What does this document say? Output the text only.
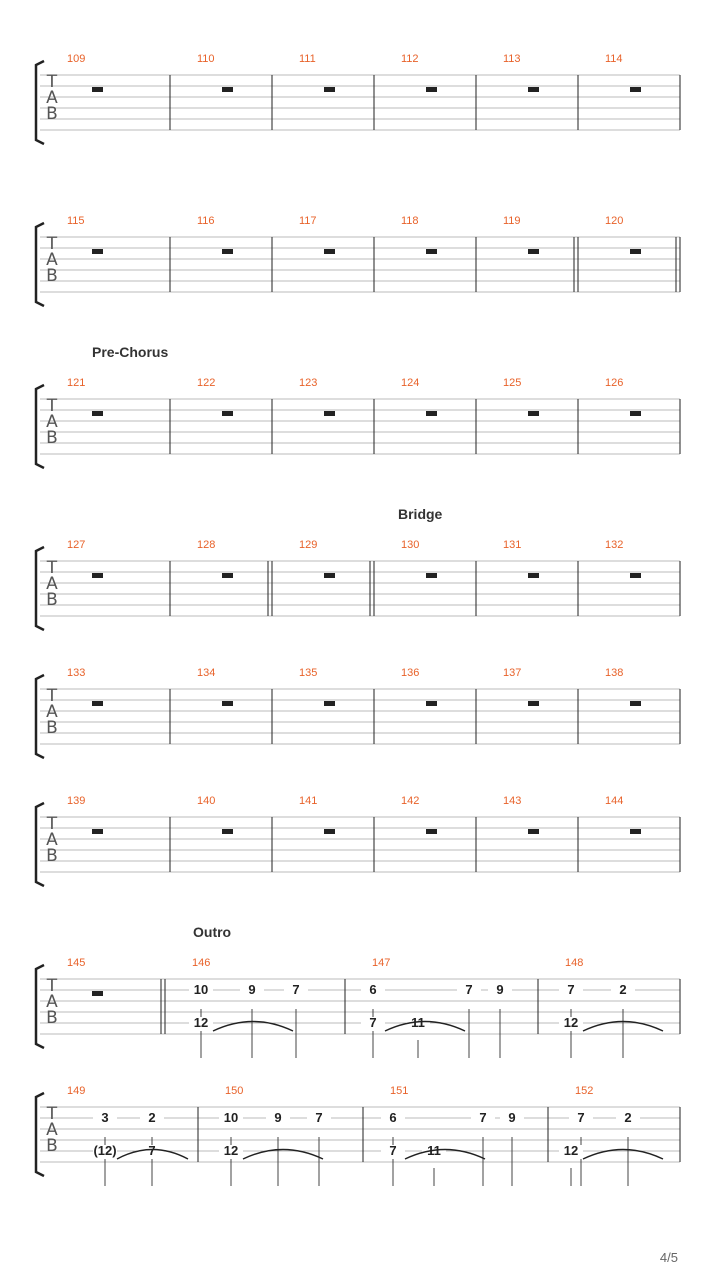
T
A
B
109	110	111	112	113	114
T
A
B
115	116	117	118	119	120
T
A
B
121	122	123	124	125	126
T
A
B
127	128	129	130	131	132
T
A
B
133	134	135	136	137	138
T
A
B
139	140	141	142	143	144
T
A
B
145	146
10
12
9	7
147
6
7	11
7 9
148
7
12
2
T
A
B
149
3
(12)
2
7
150
10
12
9	7
151
6
7 11
7 9
152
7
12
2
4/5
Pre-Chorus
Bridge
Outro
